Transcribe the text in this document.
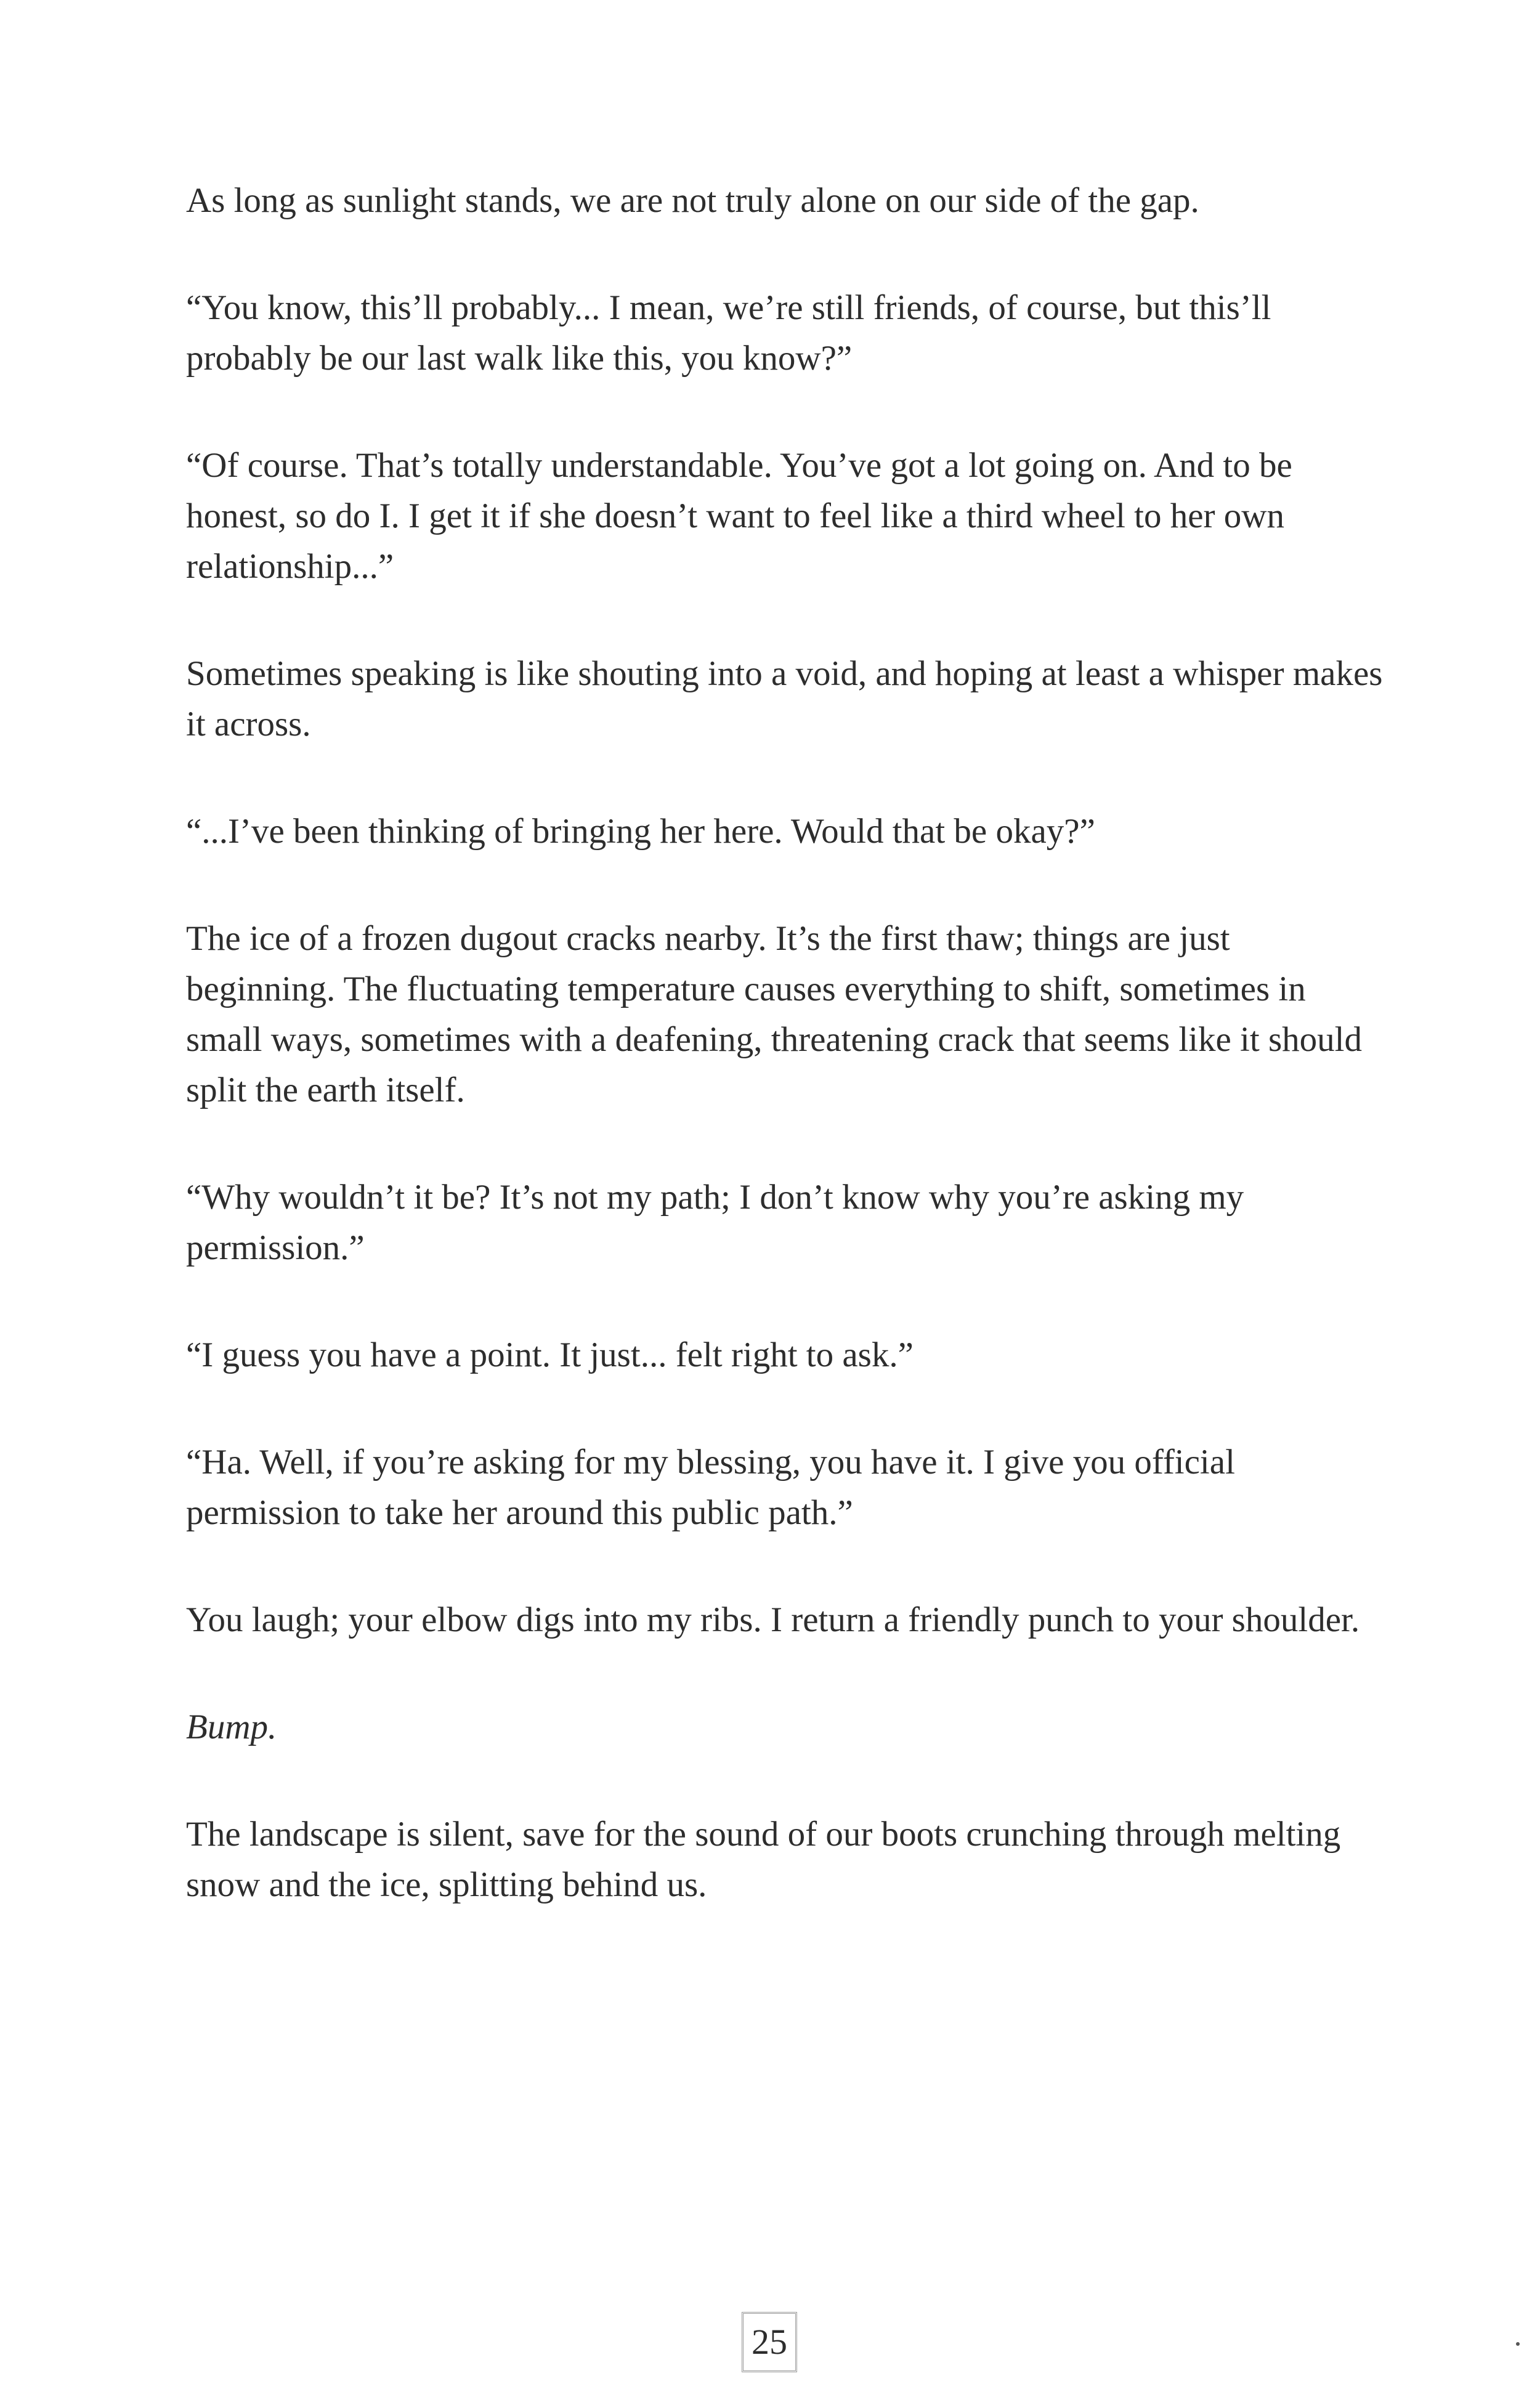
As long as sunlight stands, we are not truly alone on our side of the gap.

“You know, this’ll probably... I mean, we’re still friends, of course, but this’ll probably be our last walk like this, you know?”

“Of course. That’s totally understandable. You’ve got a lot going on. And to be honest, so do I. I get it if she doesn’t want to feel like a third wheel to her own relationship...”

Sometimes speaking is like shouting into a void, and hoping at least a whisper makes it across.

“...I’ve been thinking of bringing her here. Would that be okay?”

The ice of a frozen dugout cracks nearby. It’s the first thaw; things are just beginning. The fluctuating temperature causes everything to shift, sometimes in small ways, sometimes with a deafening, threatening crack that seems like it should split the earth itself.

“Why wouldn’t it be? It’s not my path; I don’t know why you’re asking my permission.”

“I guess you have a point. It just... felt right to ask.”

“Ha. Well, if you’re asking for my blessing, you have it. I give you official permission to take her around this public path.”

You laugh; your elbow digs into my ribs. I return a friendly punch to your shoulder.

Bump.

The landscape is silent, save for the sound of our boots crunching through melting snow and the ice, splitting behind us.

25
